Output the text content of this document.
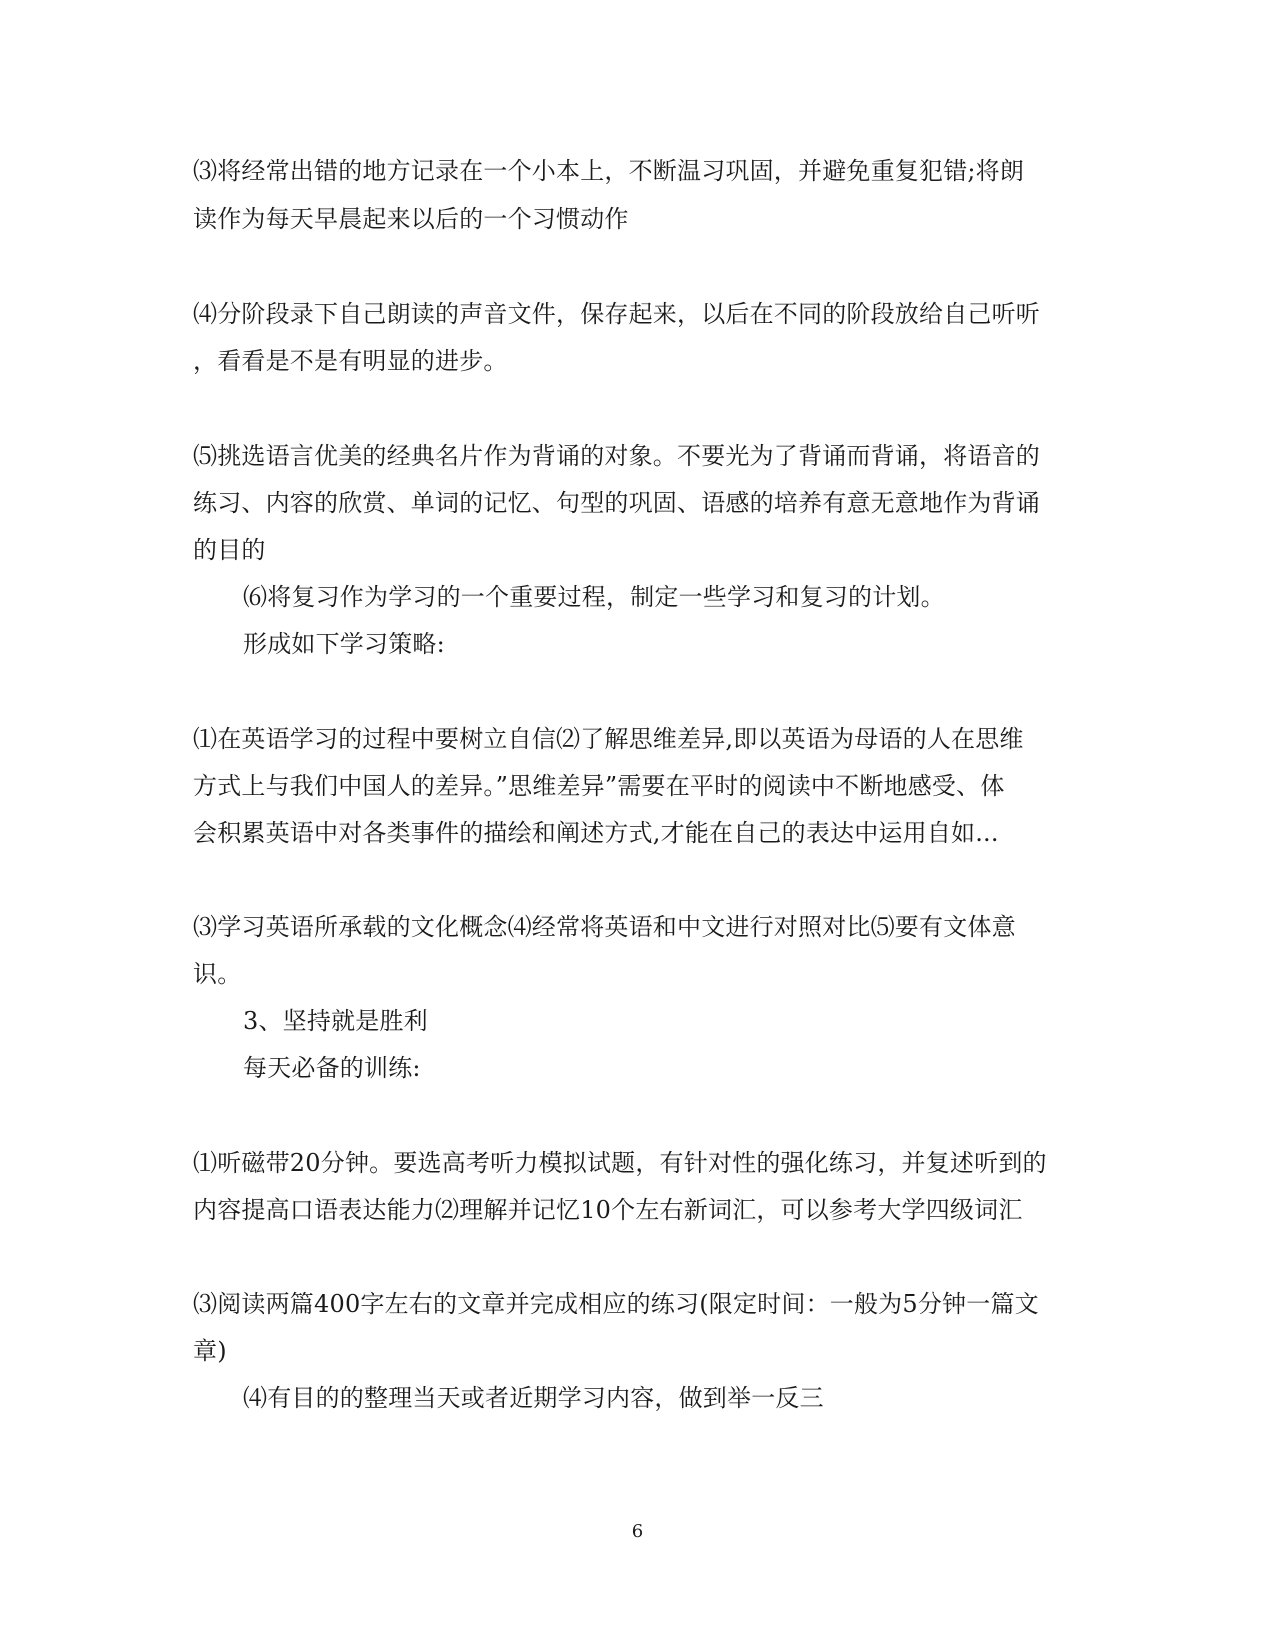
⑶将经常出错的地方记录在一个小本上，不断温习巩固，并避免重复犯错;将朗
读作为每天早晨起来以后的一个习惯动作
⑷分阶段录下自己朗读的声音文件，保存起来，以后在不同的阶段放给自己听听
，看看是不是有明显的进步。
⑸挑选语言优美的经典名片作为背诵的对象。不要光为了背诵而背诵，将语音的
练习、内容的欣赏、单词的记忆、句型的巩固、语感的培养有意无意地作为背诵
的目的
⑹将复习作为学习的一个重要过程，制定一些学习和复习的计划。
形成如下学习策略:
⑴在英语学习的过程中要树立自信⑵了解思维差异,即以英语为母语的人在思维
方式上与我们中国人的差异。”思维差异”需要在平时的阅读中不断地感受、体
会积累英语中对各类事件的描绘和阐述方式,才能在自己的表达中运用自如...
⑶学习英语所承载的文化概念⑷经常将英语和中文进行对照对比⑸要有文体意
识。
3、坚持就是胜利
每天必备的训练:
⑴听磁带20分钟。要选高考听力模拟试题，有针对性的强化练习，并复述听到的
内容提高口语表达能力⑵理解并记忆10个左右新词汇，可以参考大学四级词汇
⑶阅读两篇400字左右的文章并完成相应的练习(限定时间：一般为5分钟一篇文
章)
⑷有目的的整理当天或者近期学习内容，做到举一反三
6
